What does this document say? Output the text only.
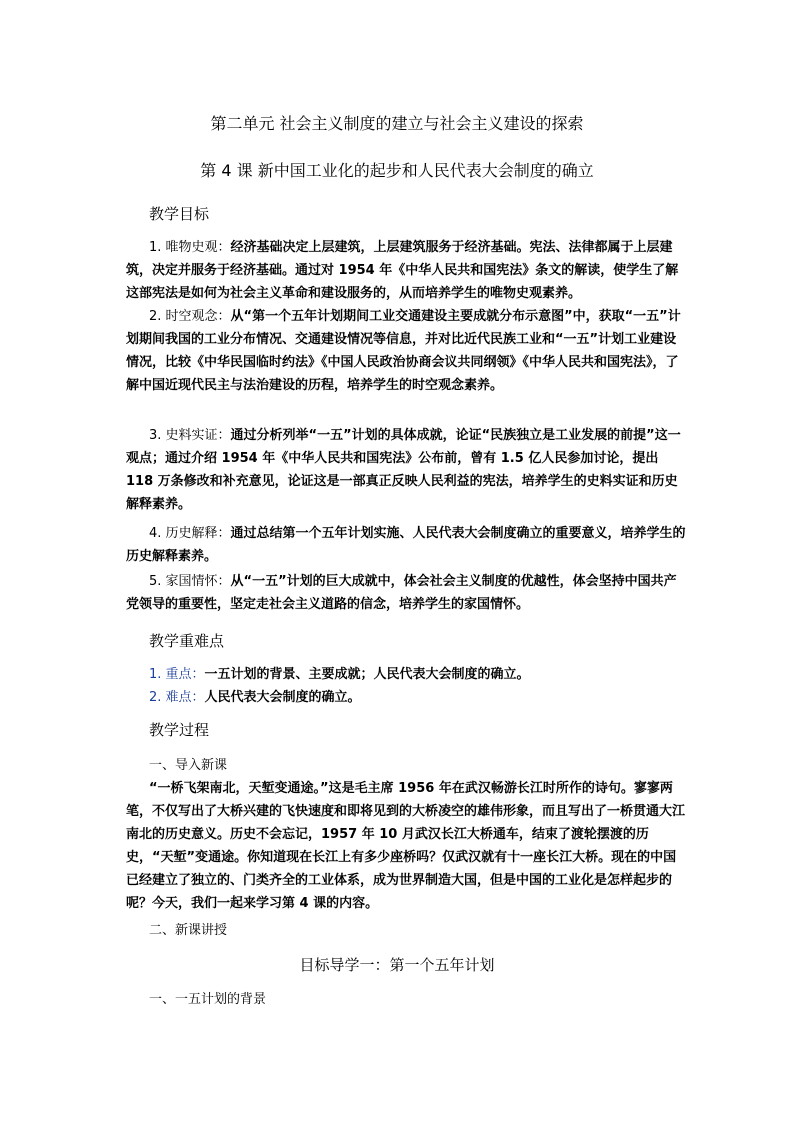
第二单元 社会主义制度的建立与社会主义建设的探索
第 4 课 新中国工业化的起步和人民代表大会制度的确立
教学目标
1. 唯物史观：经济基础决定上层建筑，上层建筑服务于经济基础。宪法、法律都属于上层建筑，决定并服务于经济基础。通过对 1954 年《中华人民共和国宪法》条文的解读，使学生了解这部宪法是如何为社会主义革命和建设服务的，从而培养学生的唯物史观素养。
2. 时空观念：从“第一个五年计划期间工业交通建设主要成就分布示意图”中，获取“一五”计划期间我国的工业分布情况、交通建设情况等信息，并对比近代民族工业和“一五”计划工业建设情况，比较《中华民国临时约法》《中国人民政治协商会议共同纲领》《中华人民共和国宪法》，了解中国近现代民主与法治建设的历程，培养学生的时空观念素养。
3. 史料实证：通过分析列举“一五”计划的具体成就，论证“民族独立是工业发展的前提”这一观点；通过介绍 1954 年《中华人民共和国宪法》公布前，曾有 1.5 亿人民参加讨论，提出 118 万条修改和补充意见，论证这是一部真正反映人民利益的宪法，培养学生的史料实证和历史解释素养。
4. 历史解释：通过总结第一个五年计划实施、人民代表大会制度确立的重要意义，培养学生的历史解释素养。
5. 家国情怀：从“一五”计划的巨大成就中，体会社会主义制度的优越性，体会坚持中国共产党领导的重要性，坚定走社会主义道路的信念，培养学生的家国情怀。
教学重难点
1. 重点：一五计划的背景、主要成就；人民代表大会制度的确立。
2. 难点：人民代表大会制度的确立。
教学过程
一、导入新课
“一桥飞架南北，天堑变通途。”这是毛主席 1956 年在武汉畅游长江时所作的诗句。寥寥两笔，不仅写出了大桥兴建的飞快速度和即将见到的大桥凌空的雄伟形象，而且写出了一桥贯通大江南北的历史意义。历史不会忘记，1957 年 10 月武汉长江大桥通车，结束了渡轮摆渡的历史，“天堑”变通途。你知道现在长江上有多少座桥吗？仅武汉就有十一座长江大桥。现在的中国已经建立了独立的、门类齐全的工业体系，成为世界制造大国，但是中国的工业化是怎样起步的呢？今天，我们一起来学习第 4 课的内容。
二、新课讲授
目标导学一：第一个五年计划
一、一五计划的背景
